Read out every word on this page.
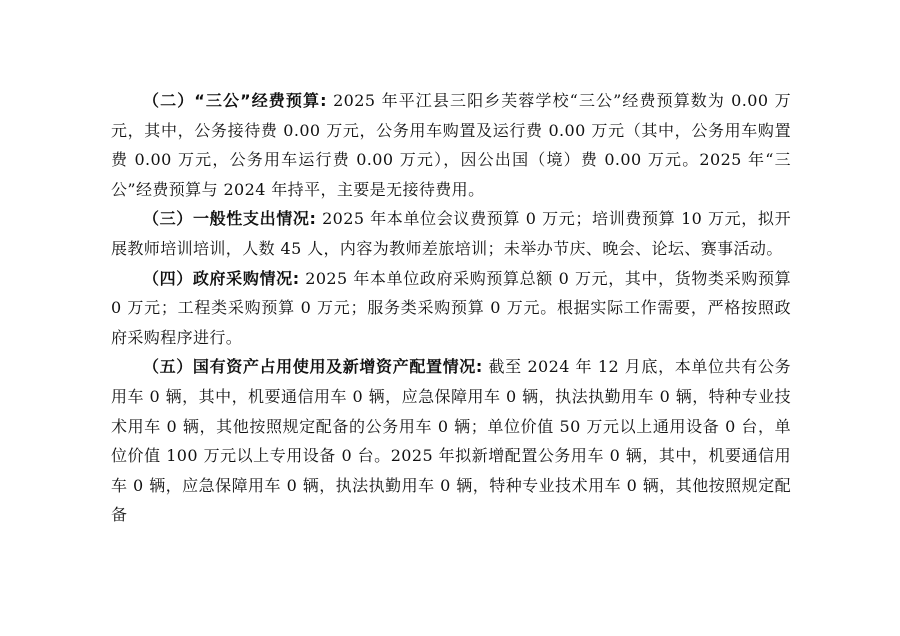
（二）“三公”经费预算: 2025 年平江县三阳乡芙蓉学校“三公”经费预算数为 0.00 万元，其中，公务接待费 0.00 万元，公务用车购置及运行费 0.00 万元（其中，公务用车购置费 0.00 万元，公务用车运行费 0.00 万元），因公出国（境）费 0.00 万元。2025 年“三公”经费预算与 2024 年持平，主要是无接待费用。

（三）一般性支出情况: 2025 年本单位会议费预算 0 万元；培训费预算 10 万元，拟开展教师培训培训，人数 45 人，内容为教师差旅培训；未举办节庆、晚会、论坛、赛事活动。

（四）政府采购情况: 2025 年本单位政府采购预算总额 0 万元，其中，货物类采购预算 0 万元；工程类采购预算 0 万元；服务类采购预算 0 万元。根据实际工作需要，严格按照政府采购程序进行。

（五）国有资产占用使用及新增资产配置情况: 截至 2024 年 12 月底，本单位共有公务用车 0 辆，其中，机要通信用车 0 辆，应急保障用车 0 辆，执法执勤用车 0 辆，特种专业技术用车 0 辆，其他按照规定配备的公务用车 0 辆；单位价值 50 万元以上通用设备 0 台，单位价值 100 万元以上专用设备 0 台。2025 年拟新增配置公务用车 0 辆，其中，机要通信用车 0 辆，应急保障用车 0 辆，执法执勤用车 0 辆，特种专业技术用车 0 辆，其他按照规定配备
